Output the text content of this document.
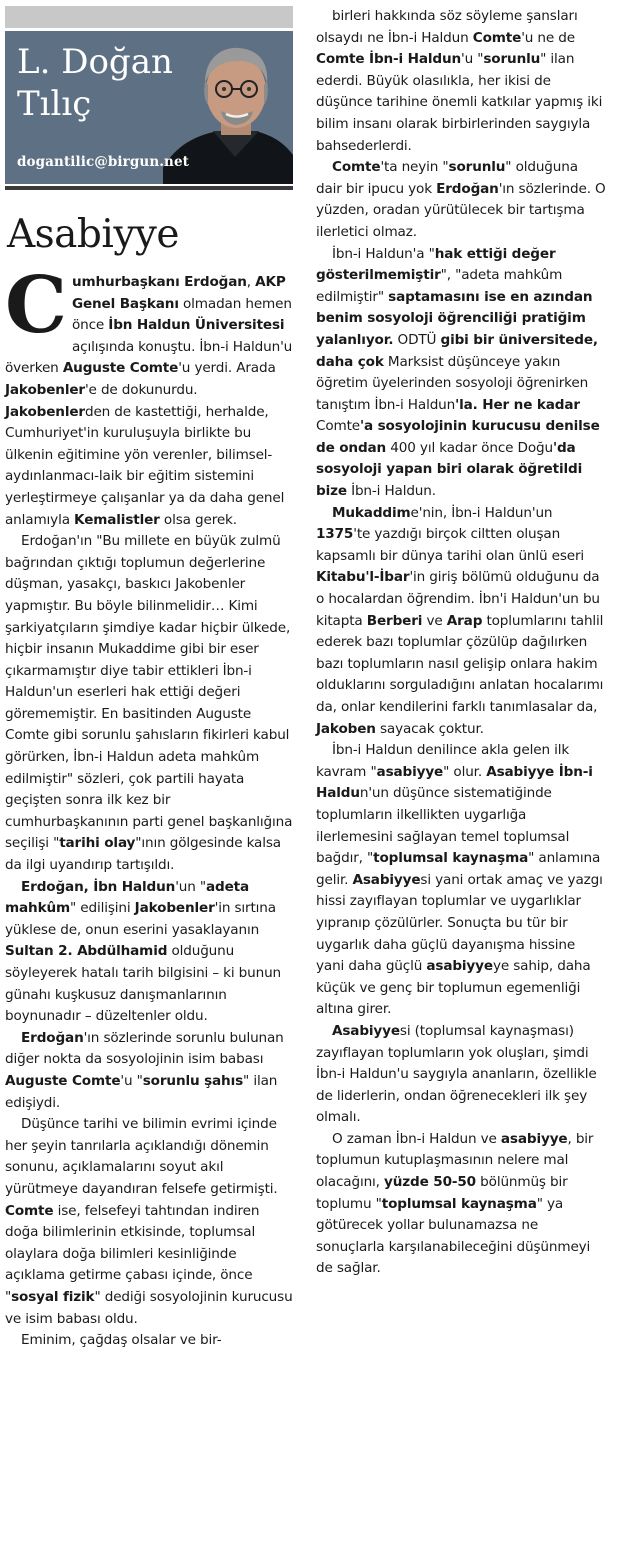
L. Doğan
Tılıç
dogantilic@birgun.net
Asabiyye

Cumhurbaşkanı Erdoğan, AKP Genel Başkanı olmadan hemen önce İbn Haldun Üniversitesi açılışında konuştu. İbn-i Haldun'u överken Auguste Comte'u yerdi. Arada Jakobenler'e de dokunurdu. Jakobenlerden de kastettiği, herhalde, Cumhuriyet'in kuruluşuyla birlikte bu ülkenin eğitimine yön verenler, bilimsel-aydınlanmacı-laik bir eğitim sistemini yerleştirmeye çalışanlar ya da daha genel anlamıyla Kemalistler olsa gerek.

Erdoğan'ın "Bu millete en büyük zulmü bağrından çıktığı toplumun değerlerine düşman, yasakçı, baskıcı Jakobenler yapmıştır. Bu böyle bilinmelidir… Kimi şarkiyatçıların şimdiye kadar hiçbir ülkede, hiçbir insanın Mukaddime gibi bir eser çıkarmamıştır diye tabir ettikleri İbn-i Haldun'un eserleri hak ettiği değeri görememiştir. En basitinden Auguste Comte gibi sorunlu şahısların fikirleri kabul görürken, İbn-i Haldun adeta mahkûm edilmiştir" sözleri, çok partili hayata geçişten sonra ilk kez bir cumhurbaşkanının parti genel başkanlığına seçilişi "tarihi olay"ının gölgesinde kalsa da ilgi uyandırıp tartışıldı.

Erdoğan, İbn Haldun'un "adeta mahkûm" edilişini Jakobenler'in sırtına yüklese de, onun eserini yasaklayanın Sultan 2. Abdülhamid olduğunu söyleyerek hatalı tarih bilgisini – ki bunun günahı kuşkusuz danışmanlarının boynunadır – düzeltenler oldu.

Erdoğan'ın sözlerinde sorunlu bulunan diğer nokta da sosyolojinin isim babası Auguste Comte'u "sorunlu şahıs" ilan edişiydi.

Düşünce tarihi ve bilimin evrimi içinde her şeyin tanrılarla açıklandığı dönemin sonunu, açıklamalarını soyut akıl yürütmeye dayandıran felsefe getirmişti. Comte ise, felsefeyi tahtından indiren doğa bilimlerinin etkisinde, toplumsal olaylara doğa bilimleri kesinliğinde açıklama getirme çabası içinde, önce "sosyal fizik" dediği sosyolojinin kurucusu ve isim babası oldu.

Eminim, çağdaş olsalar ve bir-

birleri hakkında söz söyleme şansları olsaydı ne İbn-i Haldun Comte'u ne de Comte İbn-i Haldun'u "sorunlu" ilan ederdi. Büyük olasılıkla, her ikisi de düşünce tarihine önemli katkılar yapmış iki bilim insanı olarak birbirlerinden saygıyla bahsederlerdi.

Comte'ta neyin "sorunlu" olduğuna dair bir ipucu yok Erdoğan'ın sözlerinde. O yüzden, oradan yürütülecek bir tartışma ilerletici olmaz.

İbn-i Haldun'a "hak ettiği değer gösterilmemiştir", "adeta mahkûm edilmiştir" saptamasını ise en azından benim sosyoloji öğrenciliği pratiğim yalanlıyor. ODTÜ gibi bir üniversitede, daha çok Marksist düşünceye yakın öğretim üyelerinden sosyoloji öğrenirken tanıştım İbn-i Haldun'la. Her ne kadar Comte'a sosyolojinin kurucusu denilse de ondan 400 yıl kadar önce Doğu'da sosyoloji yapan biri olarak öğretildi bize İbn-i Haldun.

Mukaddime'nin, İbn-i Haldun'un 1375'te yazdığı birçok ciltten oluşan kapsamlı bir dünya tarihi olan ünlü eseri Kitabu'l-İbar'in giriş bölümü olduğunu da o hocalardan öğrendim. İbn'i Haldun'un bu kitapta Berberi ve Arap toplumlarını tahlil ederek bazı toplumlar çözülüp dağılırken bazı toplumların nasıl gelişip onlara hakim olduklarını sorguladığını anlatan hocalarımı da, onlar kendilerini farklı tanımlasalar da, Jakoben sayacak çoktur.

İbn-i Haldun denilince akla gelen ilk kavram "asabiyye" olur. Asabiyye İbn-i Haldun'un düşünce sistematiğinde toplumların ilkellikten uygarlığa ilerlemesini sağlayan temel toplumsal bağdır, "toplumsal kaynaşma" anlamına gelir. Asabiyyesi yani ortak amaç ve yazgı hissi zayıflayan toplumlar ve uygarlıklar yıpranıp çözülürler. Sonuçta bu tür bir uygarlık daha güçlü dayanışma hissine yani daha güçlü asabiyyeye sahip, daha küçük ve genç bir toplumun egemenliği altına girer.

Asabiyyesi (toplumsal kaynaşması) zayıflayan toplumların yok oluşları, şimdi İbn-i Haldun'u saygıyla ananların, özellikle de liderlerin, ondan öğrenecekleri ilk şey olmalı.

O zaman İbn-i Haldun ve asabiyye, bir toplumun kutuplaşmasının nelere mal olacağını, yüzde 50-50 bölünmüş bir toplumu "toplumsal kaynaşma" ya götürecek yollar bulunamazsa ne sonuçlarla karşılanabileceğini düşünmeyi de sağlar.
